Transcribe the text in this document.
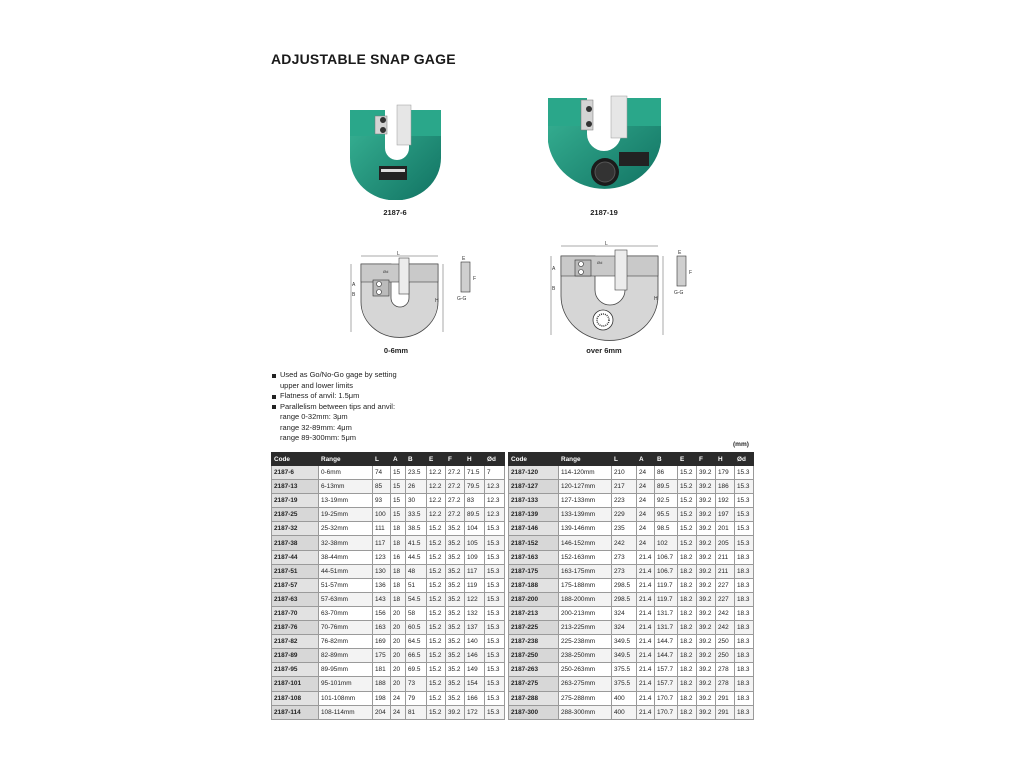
ADJUSTABLE SNAP GAGE
2187-6	2187-19
L
A
B
H
Ød
E
F
G-G
0-6mm
L
A
B
H
Ød
E
F
G-G
over 6mm
Used as Go/No-Go gage by setting
upper and lower limits
Flatness of anvil: 1.5μm
Parallelism between tips and anvil:
range 0-32mm: 3μm
range 32-89mm: 4μm
range 89-300mm: 5μm
(mm)
Code	Range	L	A	B	E	F	H	Ød
2187-6	0-6mm	74	15	23.5	12.2	27.2	71.5	7
2187-13	6-13mm	85	15	26	12.2	27.2	79.5	12.3
2187-19	13-19mm	93	15	30	12.2	27.2	83	12.3
2187-25	19-25mm	100	15	33.5	12.2	27.2	89.5	12.3
2187-32	25-32mm	111	18	38.5	15.2	35.2	104	15.3
2187-38	32-38mm	117	18	41.5	15.2	35.2	105	15.3
2187-44	38-44mm	123	16	44.5	15.2	35.2	109	15.3
2187-51	44-51mm	130	18	48	15.2	35.2	117	15.3
2187-57	51-57mm	136	18	51	15.2	35.2	119	15.3
2187-63	57-63mm	143	18	54.5	15.2	35.2	122	15.3
2187-70	63-70mm	156	20	58	15.2	35.2	132	15.3
2187-76	70-76mm	163	20	60.5	15.2	35.2	137	15.3
2187-82	76-82mm	169	20	64.5	15.2	35.2	140	15.3
2187-89	82-89mm	175	20	66.5	15.2	35.2	146	15.3
2187-95	89-95mm	181	20	69.5	15.2	35.2	149	15.3
2187-101	95-101mm	188	20	73	15.2	35.2	154	15.3
2187-108	101-108mm	198	24	79	15.2	35.2	166	15.3
2187-114	108-114mm	204	24	81	15.2	39.2	172	15.3
Code	Range	L	A	B	E	F	H	Ød
2187-120	114-120mm	210	24	86	15.2	39.2	179	15.3
2187-127	120-127mm	217	24	89.5	15.2	39.2	186	15.3
2187-133	127-133mm	223	24	92.5	15.2	39.2	192	15.3
2187-139	133-139mm	229	24	95.5	15.2	39.2	197	15.3
2187-146	139-146mm	235	24	98.5	15.2	39.2	201	15.3
2187-152	146-152mm	242	24	102	15.2	39.2	205	15.3
2187-163	152-163mm	273	21.4	106.7	18.2	39.2	211	18.3
2187-175	163-175mm	273	21.4	106.7	18.2	39.2	211	18.3
2187-188	175-188mm	298.5	21.4	119.7	18.2	39.2	227	18.3
2187-200	188-200mm	298.5	21.4	119.7	18.2	39.2	227	18.3
2187-213	200-213mm	324	21.4	131.7	18.2	39.2	242	18.3
2187-225	213-225mm	324	21.4	131.7	18.2	39.2	242	18.3
2187-238	225-238mm	349.5	21.4	144.7	18.2	39.2	250	18.3
2187-250	238-250mm	349.5	21.4	144.7	18.2	39.2	250	18.3
2187-263	250-263mm	375.5	21.4	157.7	18.2	39.2	278	18.3
2187-275	263-275mm	375.5	21.4	157.7	18.2	39.2	278	18.3
2187-288	275-288mm	400	21.4	170.7	18.2	39.2	291	18.3
2187-300	288-300mm	400	21.4	170.7	18.2	39.2	291	18.3
